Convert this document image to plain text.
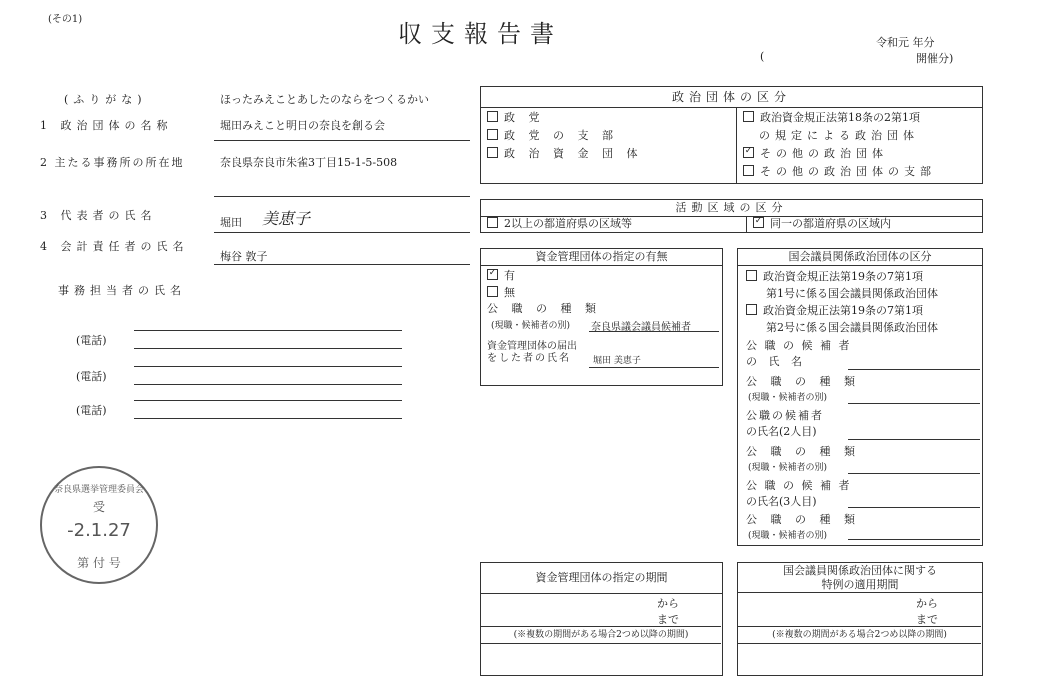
(その1)
収支報告書	令和元 年分
(	開催分)
(ふりがな)	ほったみえことあしたのならをつくるかい
1 政治団体の名称	堀田みえこと明日の奈良を創る会
2 主たる事務所の所在地	奈良県奈良市朱雀3丁目15-1-5-508
3 代表者の氏名
堀田 美恵子
4 会計責任者の氏名
梅谷 敦子
事務担当者の氏名
(電話)
(電話)
(電話)
奈良県選挙管理委員会
受
-2.1.27
第 付 号
政治団体の区分
政 党
政 党 の 支 部
政 治 資 金 団 体
政治資金規正法第18条の2第1項
の規定による政治団体
✓その他の政治団体
その他の政治団体の支部
活動区域の区分
2以上の都道府県の区域等
✓	同一の都道府県の区域内
資金管理団体の指定の有無
✓有
無
公 職 の 種 類
(現職・候補者の別) 奈良県議会議員候補者
資金管理団体の届出
をした者の氏名 堀田 美恵子
国会議員関係政治団体の区分
政治資金規正法第19条の7第1項
第1号に係る国会議員関係政治団体
政治資金規正法第19条の7第1項
第2号に係る国会議員関係政治団体
公 職 の 候 補 者
の 氏 名
公 職 の 種 類
(現職・候補者の別)
公職の候補者
の氏名(2人目)
公 職 の 種 類
(現職・候補者の別)
公 職 の 候 補 者
の氏名(3人目)
公 職 の 種 類
(現職・候補者の別)
資金管理団体の指定の期間
から
まで
(※複数の期間がある場合2つめ以降の期間)
国会議員関係政治団体に関する
特例の適用期間
から
まで
(※複数の期間がある場合2つめ以降の期間)
